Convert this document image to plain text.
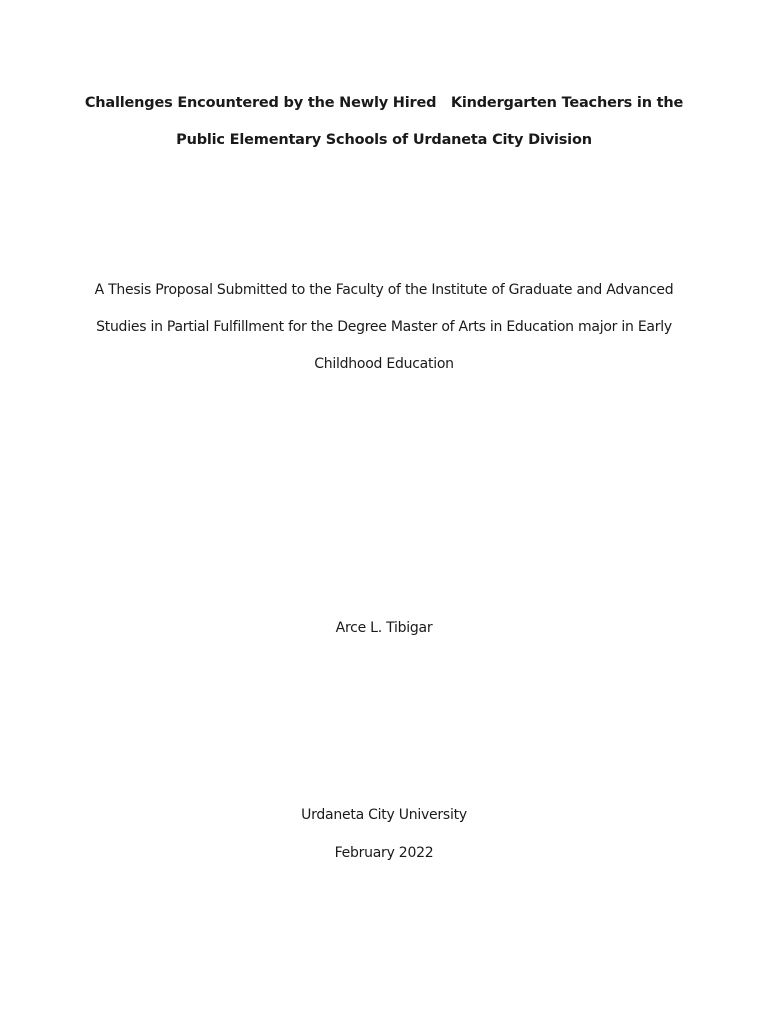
Challenges Encountered by the Newly Hired   Kindergarten Teachers in the
Public Elementary Schools of Urdaneta City Division
A Thesis Proposal Submitted to the Faculty of the Institute of Graduate and Advanced
Studies in Partial Fulfillment for the Degree Master of Arts in Education major in Early
Childhood Education
Arce L. Tibigar
Urdaneta City University
February 2022
